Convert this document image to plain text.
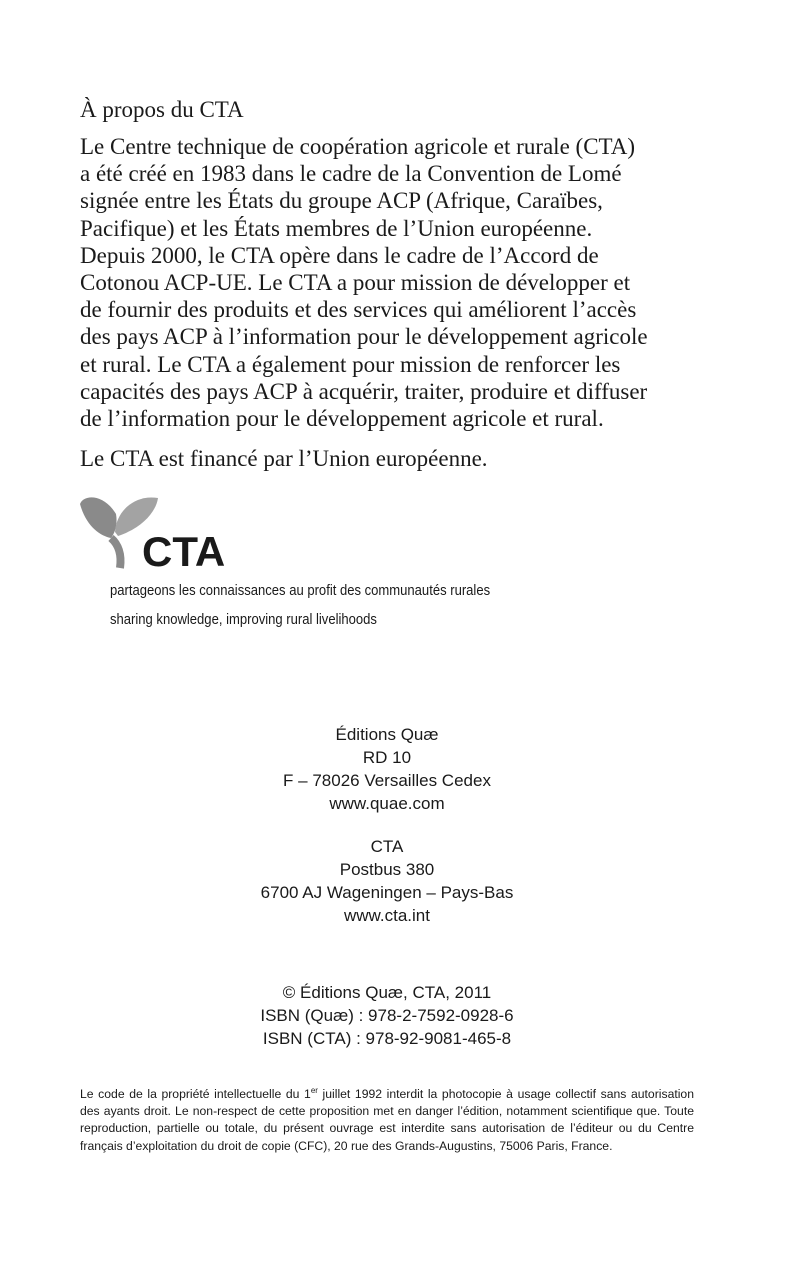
À propos du CTA

Le Centre technique de coopération agricole et rurale (CTA)
a été créé en 1983 dans le cadre de la Convention de Lomé
signée entre les États du groupe ACP (Afrique, Caraïbes,
Pacifique) et les États membres de l’Union européenne.
Depuis 2000, le CTA opère dans le cadre de l’Accord de
Cotonou ACP-UE. Le CTA a pour mission de développer et
de fournir des produits et des services qui améliorent l’accès
des pays ACP à l’information pour le développement agricole
et rural. Le CTA a également pour mission de renforcer les
capacités des pays ACP à acquérir, traiter, produire et diffuser
de l’information pour le développement agricole et rural.

Le CTA est financé par l’Union européenne.
CTA
partageons les connaissances au profit des communautés rurales
sharing knowledge, improving rural livelihoods
Éditions Quæ
RD 10
F – 78026 Versailles Cedex
www.quae.com
CTA
Postbus 380
6700 AJ Wageningen – Pays-Bas
www.cta.int
© Éditions Quæ, CTA, 2011
ISBN (Quæ) : 978-2-7592-0928-6
ISBN (CTA) : 978-92-9081-465-8

Le code de la propriété intellectuelle du 1er juillet 1992 interdit la photocopie à usage collectif sans autorisation des ayants droit. Le non-respect de cette proposition met en danger l’édition, notamment scientifique que. Toute reproduction, partielle ou totale, du présent ouvrage est interdite sans autorisation de l’éditeur ou du Centre français d’exploitation du droit de copie (CFC), 20 rue des Grands-Augustins, 75006 Paris, France.
